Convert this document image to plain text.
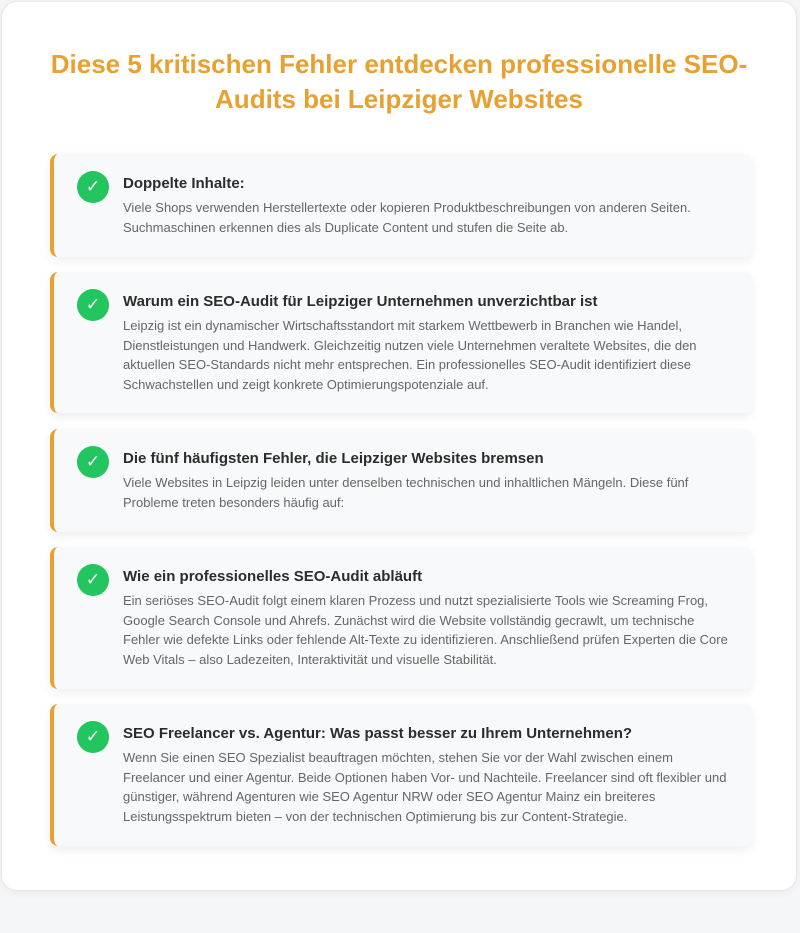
Diese 5 kritischen Fehler entdecken professionelle SEO-Audits bei Leipziger Websites
✓	Doppelte Inhalte:

Viele Shops verwenden Herstellertexte oder kopieren Produktbeschreibungen von anderen Seiten. Suchmaschinen erkennen dies als Duplicate Content und stufen die Seite ab.

✓	Warum ein SEO-Audit für Leipziger Unternehmen unverzichtbar ist

Leipzig ist ein dynamischer Wirtschaftsstandort mit starkem Wettbewerb in Branchen wie Handel, Dienstleistungen und Handwerk. Gleichzeitig nutzen viele Unternehmen veraltete Websites, die den aktuellen SEO-Standards nicht mehr entsprechen. Ein professionelles SEO-Audit identifiziert diese Schwachstellen und zeigt konkrete Optimierungspotenziale auf.

✓	Die fünf häufigsten Fehler, die Leipziger Websites bremsen

Viele Websites in Leipzig leiden unter denselben technischen und inhaltlichen Mängeln. Diese fünf Probleme treten besonders häufig auf:

✓	Wie ein professionelles SEO-Audit abläuft

Ein seriöses SEO-Audit folgt einem klaren Prozess und nutzt spezialisierte Tools wie Screaming Frog, Google Search Console und Ahrefs. Zunächst wird die Website vollständig gecrawlt, um technische Fehler wie defekte Links oder fehlende Alt-Texte zu identifizieren. Anschließend prüfen Experten die Core Web Vitals – also Ladezeiten, Interaktivität und visuelle Stabilität.

✓	SEO Freelancer vs. Agentur: Was passt besser zu Ihrem Unternehmen?

Wenn Sie einen SEO Spezialist beauftragen möchten, stehen Sie vor der Wahl zwischen einem Freelancer und einer Agentur. Beide Optionen haben Vor- und Nachteile. Freelancer sind oft flexibler und günstiger, während Agenturen wie SEO Agentur NRW oder SEO Agentur Mainz ein breiteres Leistungsspektrum bieten – von der technischen Optimierung bis zur Content-Strategie.
